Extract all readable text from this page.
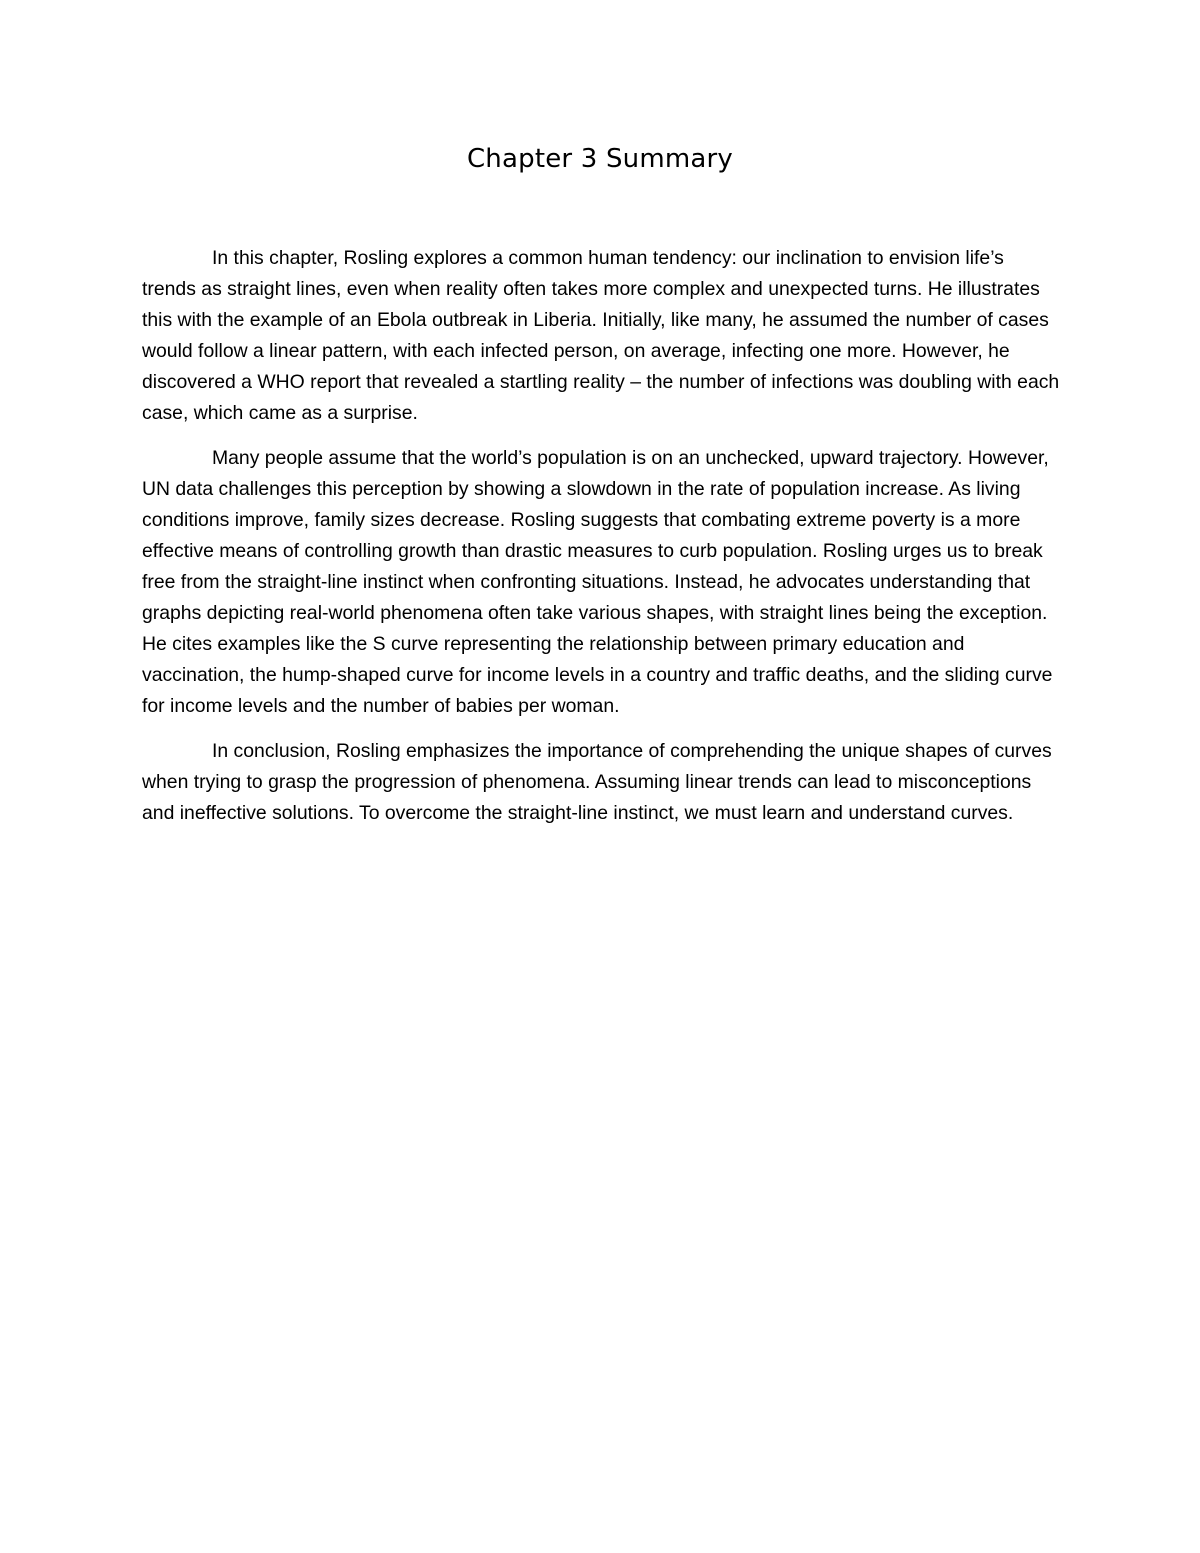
Chapter 3 Summary

In this chapter, Rosling explores a common human tendency: our inclination to envision life’s trends as straight lines, even when reality often takes more complex and unexpected turns. He illustrates this with the example of an Ebola outbreak in Liberia. Initially, like many, he assumed the number of cases would follow a linear pattern, with each infected person, on average, infecting one more. However, he discovered a WHO report that revealed a startling reality – the number of infections was doubling with each case, which came as a surprise.

Many people assume that the world’s population is on an unchecked, upward trajectory. However, UN data challenges this perception by showing a slowdown in the rate of population increase. As living conditions improve, family sizes decrease. Rosling suggests that combating extreme poverty is a more effective means of controlling growth than drastic measures to curb population. Rosling urges us to break free from the straight-line instinct when confronting situations. Instead, he advocates understanding that graphs depicting real-world phenomena often take various shapes, with straight lines being the exception. He cites examples like the S curve representing the relationship between primary education and vaccination, the hump-shaped curve for income levels in a country and traffic deaths, and the sliding curve for income levels and the number of babies per woman.

In conclusion, Rosling emphasizes the importance of comprehending the unique shapes of curves when trying to grasp the progression of phenomena. Assuming linear trends can lead to misconceptions and ineffective solutions. To overcome the straight-line instinct, we must learn and understand curves.
